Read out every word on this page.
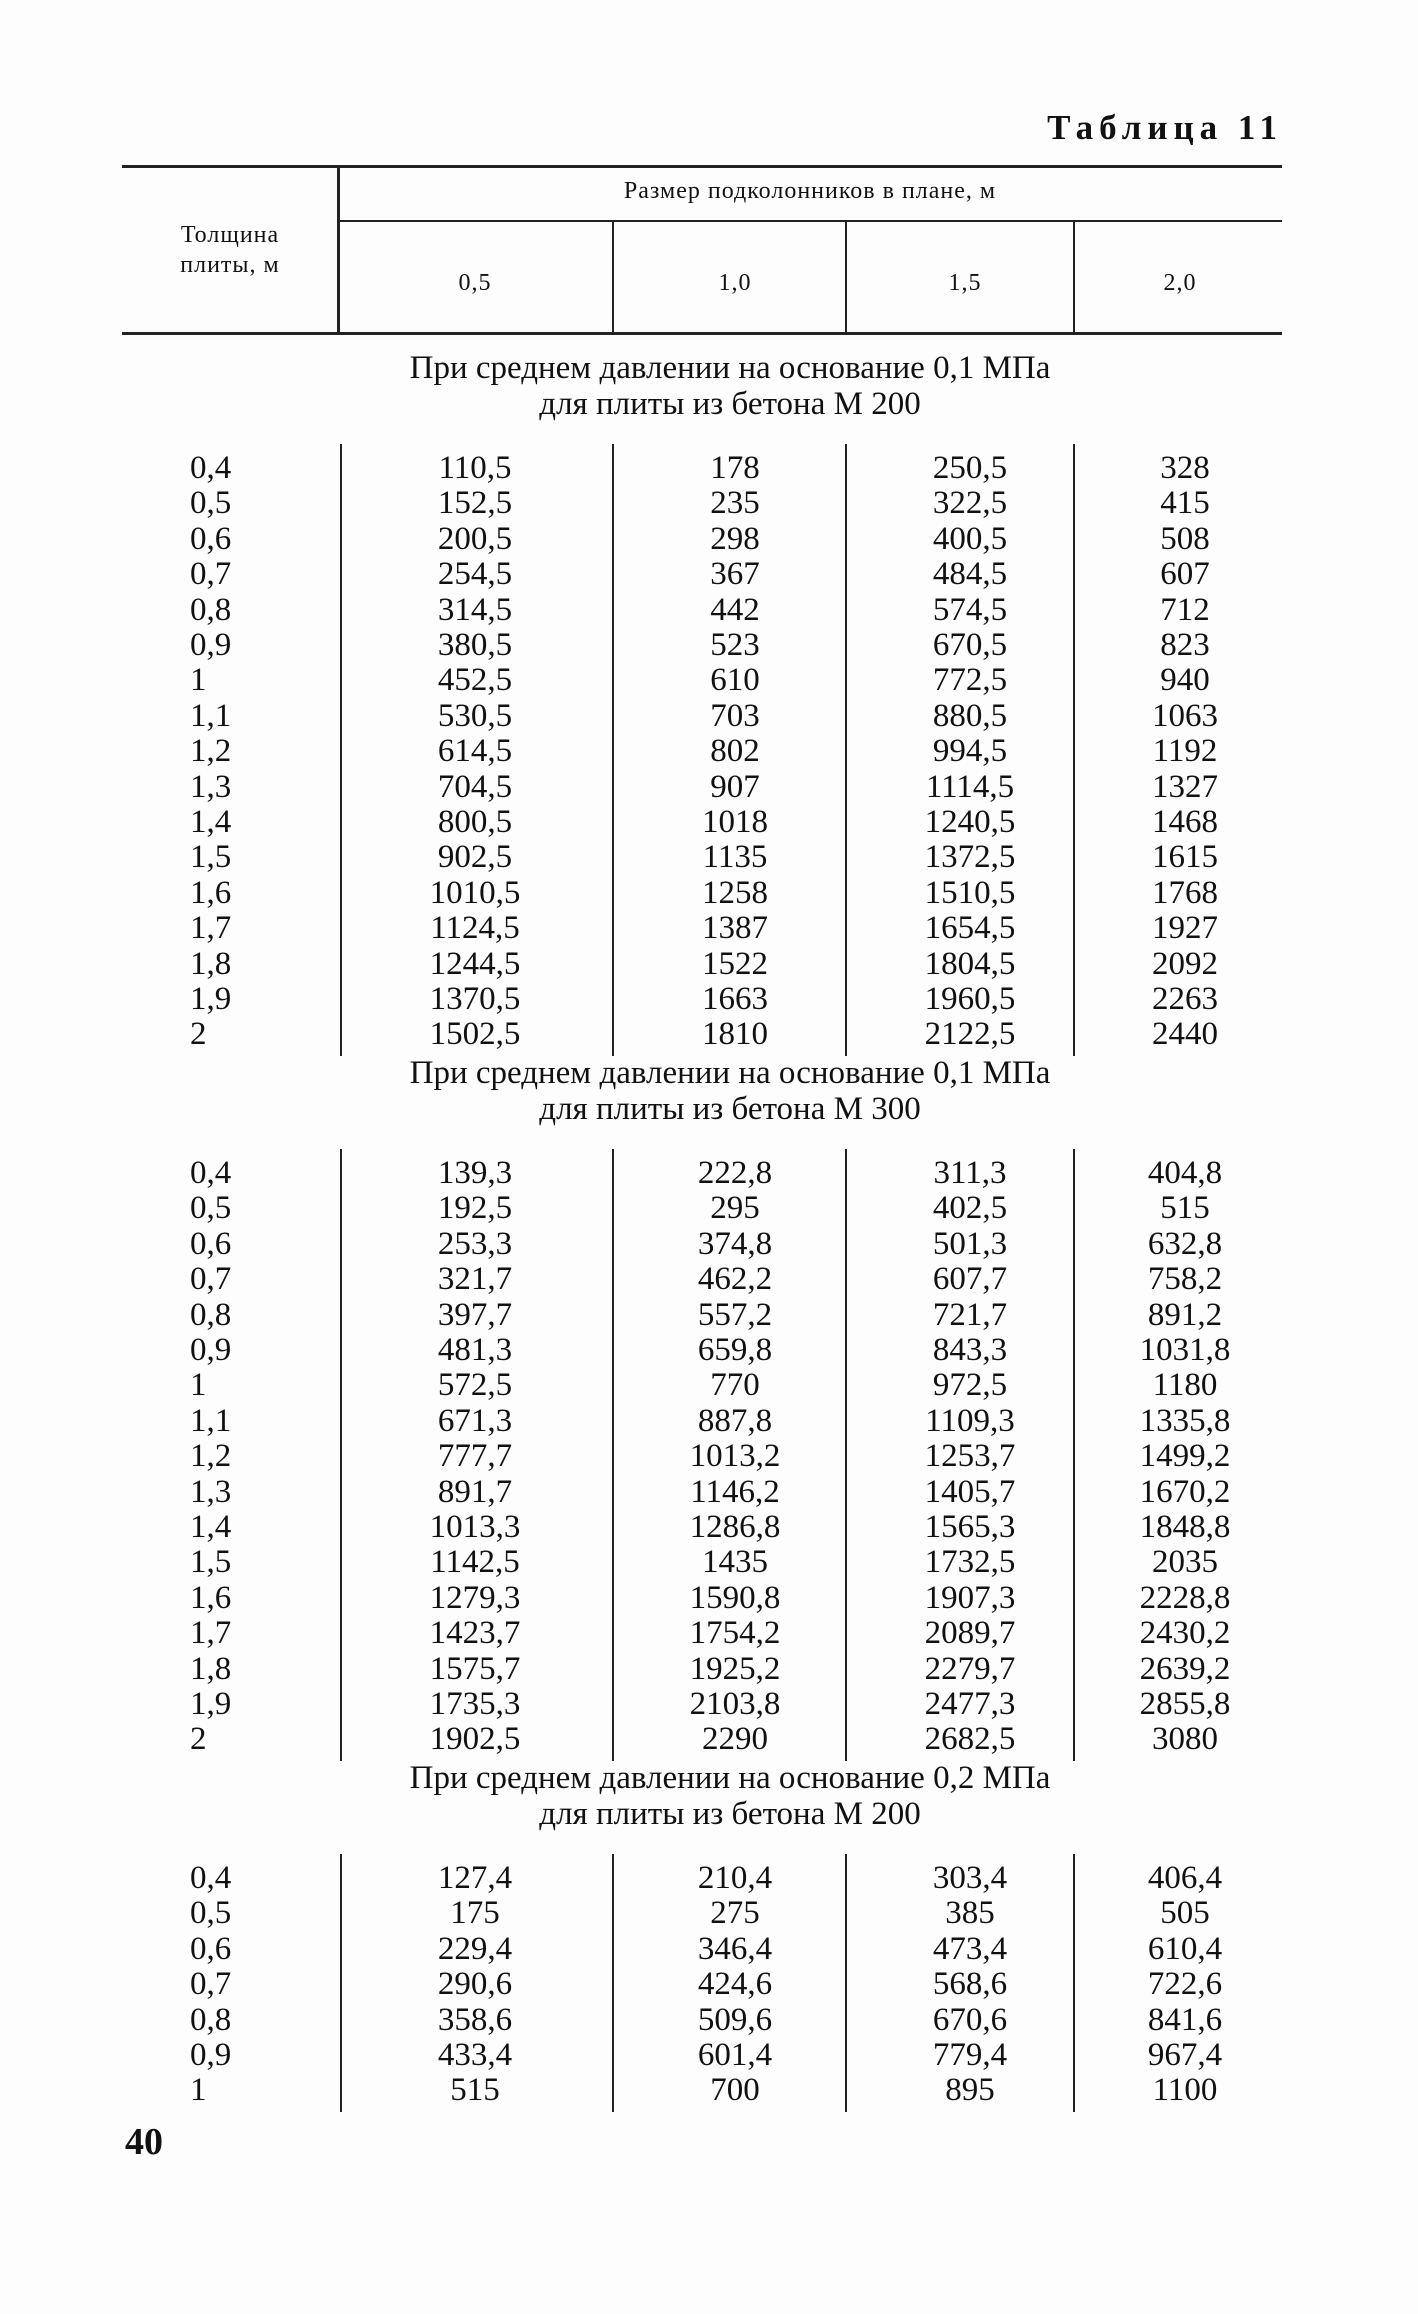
Таблица 11
Толщина
плиты, м
Размер подколонников в плане, м
0,5	1,0	1,5	2,0
При среднем давлении на основание 0,1 МПа
для плиты из бетона М 200
0,4	110,5	178	250,5	328
0,5	152,5	235	322,5	415
0,6	200,5	298	400,5	508
0,7	254,5	367	484,5	607
0,8	314,5	442	574,5	712
0,9	380,5	523	670,5	823
1	452,5	610	772,5	940
1,1	530,5	703	880,5	1063
1,2	614,5	802	994,5	1192
1,3	704,5	907	1114,5	1327
1,4	800,5	1018	1240,5	1468
1,5	902,5	1135	1372,5	1615
1,6	1010,5	1258	1510,5	1768
1,7	1124,5	1387	1654,5	1927
1,8	1244,5	1522	1804,5	2092
1,9	1370,5	1663	1960,5	2263
2	1502,5	1810	2122,5	2440
При среднем давлении на основание 0,1 МПа
для плиты из бетона М 300
0,4	139,3	222,8	311,3	404,8
0,5	192,5	295	402,5	515
0,6	253,3	374,8	501,3	632,8
0,7	321,7	462,2	607,7	758,2
0,8	397,7	557,2	721,7	891,2
0,9	481,3	659,8	843,3	1031,8
1	572,5	770	972,5	1180
1,1	671,3	887,8	1109,3	1335,8
1,2	777,7	1013,2	1253,7	1499,2
1,3	891,7	1146,2	1405,7	1670,2
1,4	1013,3	1286,8	1565,3	1848,8
1,5	1142,5	1435	1732,5	2035
1,6	1279,3	1590,8	1907,3	2228,8
1,7	1423,7	1754,2	2089,7	2430,2
1,8	1575,7	1925,2	2279,7	2639,2
1,9	1735,3	2103,8	2477,3	2855,8
2	1902,5	2290	2682,5	3080
При среднем давлении на основание 0,2 МПа
для плиты из бетона М 200
0,4	127,4	210,4	303,4	406,4
0,5	175	275	385	505
0,6	229,4	346,4	473,4	610,4
0,7	290,6	424,6	568,6	722,6
0,8	358,6	509,6	670,6	841,6
0,9	433,4	601,4	779,4	967,4
1	515	700	895	1100
40
